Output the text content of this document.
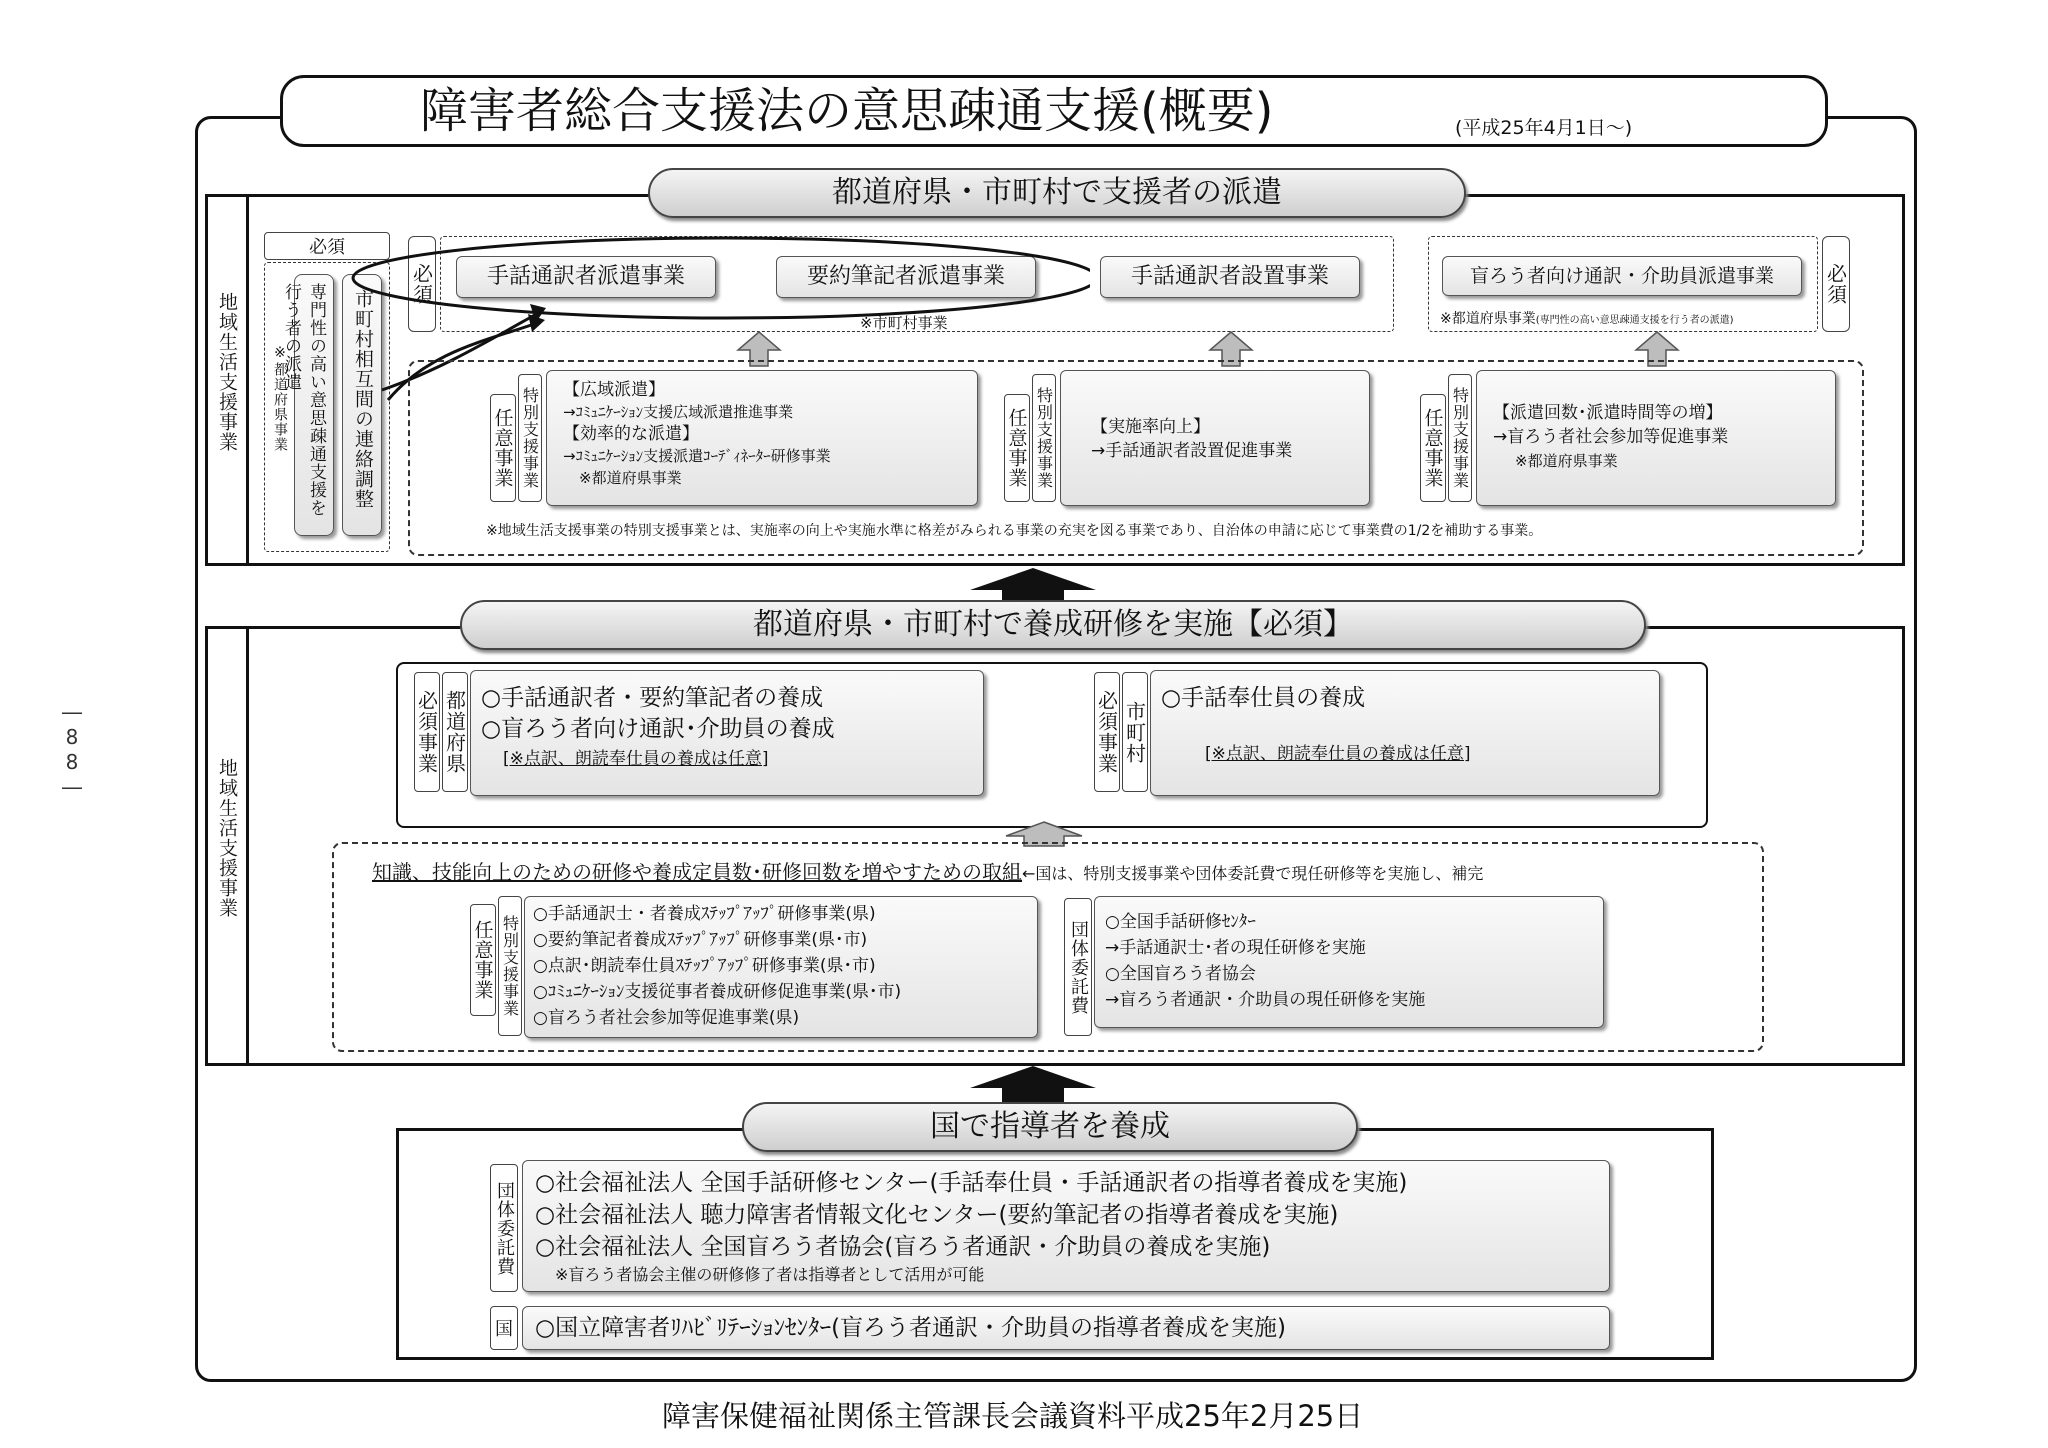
―88―
障害者総合支援法の意思疎通支援(概要)	(平成25年4月1日〜)
地域生活支援事業
都道府県・市町村で支援者の派遣
必須
※都道府県事業	専門性の高い意思疎通支援を行う者の派遣	市町村相互間の連絡調整
必須	手話通訳者派遣事業	要約筆記者派遣事業	手話通訳者設置事業
※市町村事業
盲ろう者向け通訳・介助員派遣事業
※都道府県事業(専門性の高い意思疎通支援を行う者の派遣)
必須
任意事業 特別支援事業 【広域派遣】
→ｺﾐｭﾆｹｰｼｮﾝ支援広域派遣推進事業
【効率的な派遣】
→ｺﾐｭﾆｹｰｼｮﾝ支援派遣ｺｰﾃﾞｨﾈｰﾀｰ研修事業
※都道府県事業	任意事業 特別支援事業 【実施率向上】
→手話通訳者設置促進事業	任意事業 特別支援事業 【派遣回数･派遣時間等の増】
→盲ろう者社会参加等促進事業
※都道府県事業
※地域生活支援事業の特別支援事業とは、実施率の向上や実施水準に格差がみられる事業の充実を図る事業であり、自治体の申請に応じて事業費の1/2を補助する事業。
地域生活支援事業
都道府県・市町村で養成研修を実施【必須】
必須事業 都道府県 ○手話通訳者・要約筆記者の養成
○盲ろう者向け通訳･介助員の養成
[※点訳、朗読奉仕員の養成は任意]	必須事業 市町村
○手話奉仕員の養成
[※点訳、朗読奉仕員の養成は任意]
知識、技能向上のための研修や養成定員数･研修回数を増やすための取組←国は、特別支援事業や団体委託費で現任研修等を実施し、補完
任意事業 特別支援事業
○手話通訳士・者養成ｽﾃｯﾌﾟｱｯﾌﾟ研修事業(県)
○要約筆記者養成ｽﾃｯﾌﾟｱｯﾌﾟ研修事業(県･市)
○点訳･朗読奉仕員ｽﾃｯﾌﾟｱｯﾌﾟ研修事業(県･市)
○ｺﾐｭﾆｹｰｼｮﾝ支援従事者養成研修促進事業(県･市)
○盲ろう者社会参加等促進事業(県)
団体委託費 ○全国手話研修ｾﾝﾀｰ
→手話通訳士･者の現任研修を実施
○全国盲ろう者協会
→盲ろう者通訳・介助員の現任研修を実施
国で指導者を養成
団体委託費 ○社会福祉法人 全国手話研修センター(手話奉仕員・手話通訳者の指導者養成を実施)
○社会福祉法人 聴力障害者情報文化センター(要約筆記者の指導者養成を実施)
○社会福祉法人 全国盲ろう者協会(盲ろう者通訳・介助員の養成を実施)
※盲ろう者協会主催の研修修了者は指導者として活用が可能
国 ○国立障害者ﾘﾊﾋﾞﾘﾃｰｼｮﾝｾﾝﾀｰ(盲ろう者通訳・介助員の指導者養成を実施)
障害保健福祉関係主管課長会議資料平成25年2月25日
